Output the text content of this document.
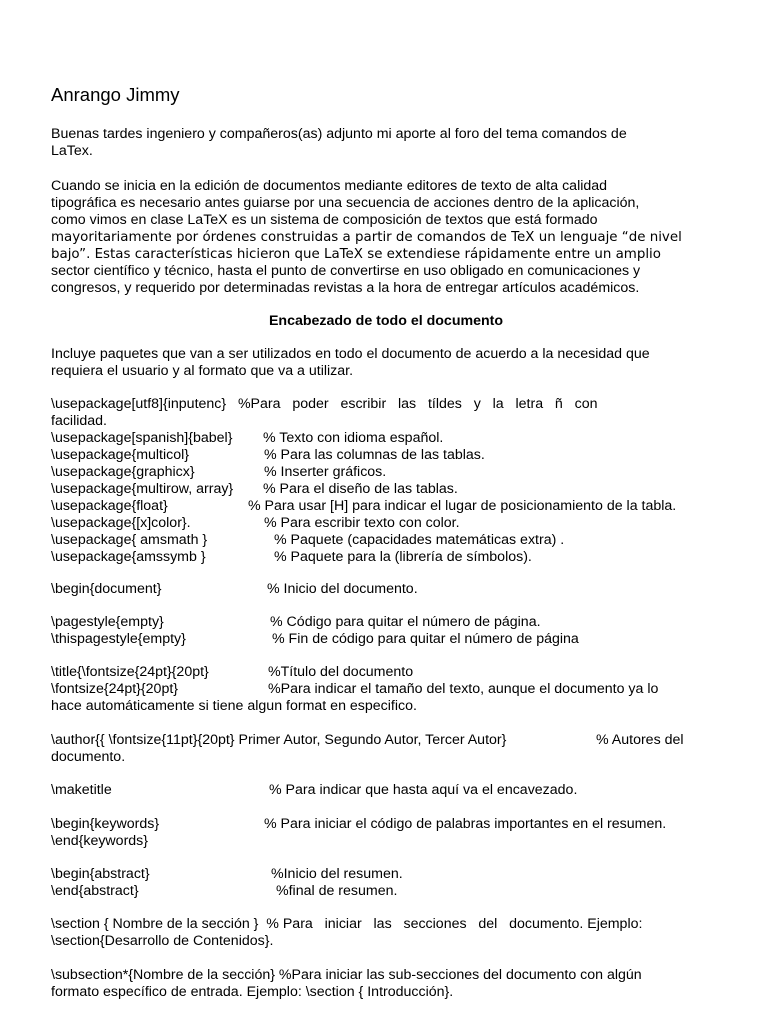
Anrango Jimmy
Buenas tardes ingeniero y compañeros(as) adjunto mi aporte al foro del tema comandos de
LaTex.
Cuando se inicia en la edición de documentos mediante editores de texto de alta calidad
tipográfica es necesario antes guiarse por una secuencia de acciones dentro de la aplicación,
como vimos en clase LaTeX es un sistema de composición de textos que está formado
mayoritariamente por órdenes construidas a partir de comandos de TeX un lenguaje “de nivel
bajo”. Estas características hicieron que LaTeX se extendiese rápidamente entre un amplio
sector científico y técnico, hasta el punto de convertirse en uso obligado en comunicaciones y
congresos, y requerido por determinadas revistas a la hora de entregar artículos académicos.
Encabezado de todo el documento
Incluye paquetes que van a ser utilizados en todo el documento de acuerdo a la necesidad que
requiera el usuario y al formato que va a utilizar.
\usepackage[utf8]{inputenc}   %Para   poder   escribir   las   tíldes   y   la   letra   ñ   con
facilidad.
\usepackage[spanish]{babel} % Texto con idioma español.
\usepackage{multicol}	% Para las columnas de las tablas.
\usepackage{graphicx}	% Inserter gráficos.
\usepackage{multirow, array} % Para el diseño de las tablas.
\usepackage{float}	% Para usar [H] para indicar el lugar de posicionamiento de la tabla.
\usepackage{[x]color}.	% Para escribir texto con color.
\usepackage{ amsmath }	% Paquete (capacidades matemáticas extra) .
\usepackage{amssymb }	% Paquete para la (librería de símbolos).
\begin{document}	% Inicio del documento.
\pagestyle{empty}	% Código para quitar el número de página.
\thispagestyle{empty}	% Fin de código para quitar el número de página
\title{\fontsize{24pt}{20pt}	%Título del documento
\fontsize{24pt}{20pt}	%Para indicar el tamaño del texto, aunque el documento ya lo
hace automáticamente si tiene algun format en especifico.
\author{{ \fontsize{11pt}{20pt} Primer Autor, Segundo Autor, Tercer Autor}	% Autores del
documento.
\maketitle	% Para indicar que hasta aquí va el encavezado.
\begin{keywords}	% Para iniciar el código de palabras importantes en el resumen.
\end{keywords}
\begin{abstract}	%Inicio del resumen.
\end{abstract}	%final de resumen.
\section { Nombre de la sección }  % Para   iniciar   las   secciones   del   documento. Ejemplo:
\section{Desarrollo de Contenidos}.
\subsection*{Nombre de la sección} %Para iniciar las sub-secciones del documento con algún
formato específico de entrada. Ejemplo: \section { Introducción}.
